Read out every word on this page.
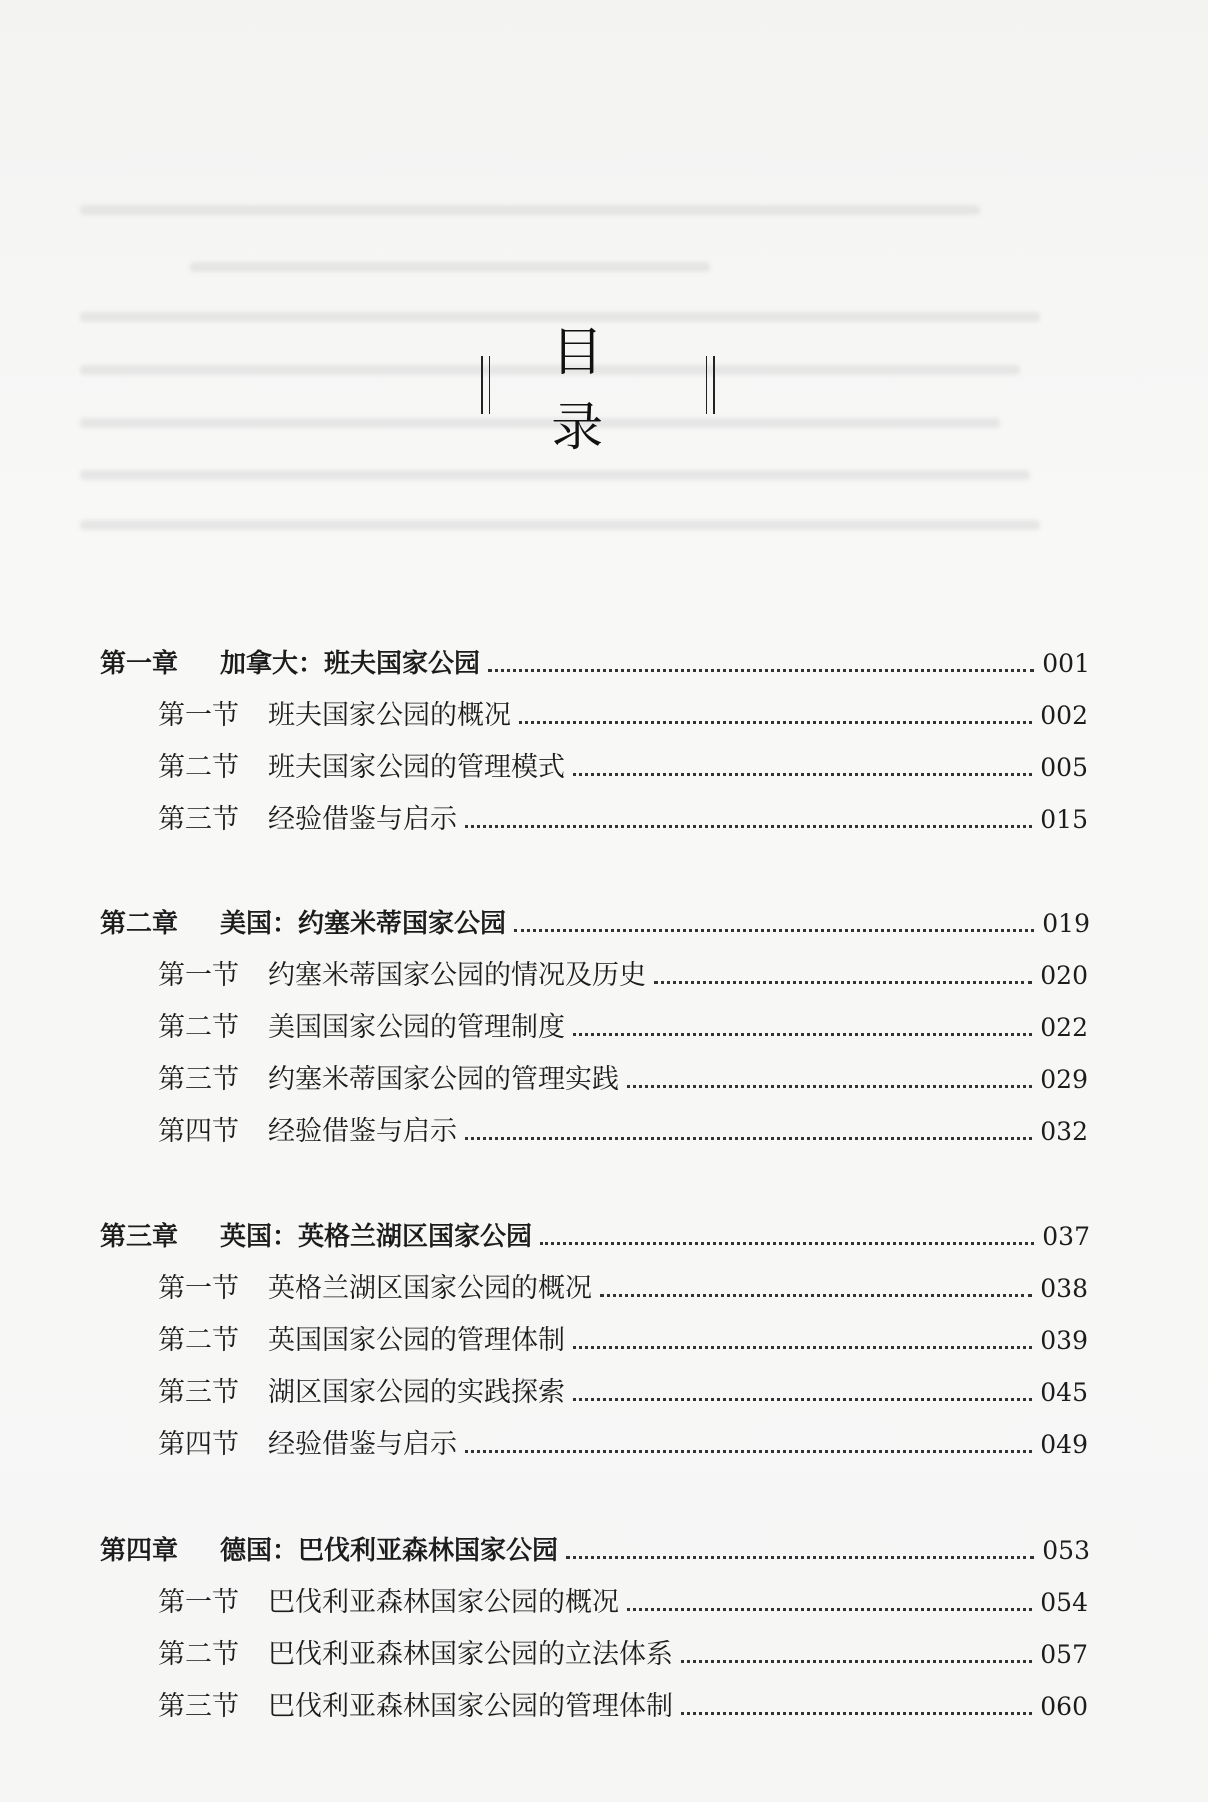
目 录
第一章 加拿大：班夫国家公园	001
第一节 班夫国家公园的概况	002
第二节 班夫国家公园的管理模式	005
第三节 经验借鉴与启示	015
第二章 美国：约塞米蒂国家公园	019
第一节 约塞米蒂国家公园的情况及历史	020
第二节 美国国家公园的管理制度	022
第三节 约塞米蒂国家公园的管理实践	029
第四节 经验借鉴与启示	032
第三章 英国：英格兰湖区国家公园	037
第一节 英格兰湖区国家公园的概况	038
第二节 英国国家公园的管理体制	039
第三节 湖区国家公园的实践探索	045
第四节 经验借鉴与启示	049
第四章 德国：巴伐利亚森林国家公园	053
第一节 巴伐利亚森林国家公园的概况	054
第二节 巴伐利亚森林国家公园的立法体系	057
第三节 巴伐利亚森林国家公园的管理体制	060
